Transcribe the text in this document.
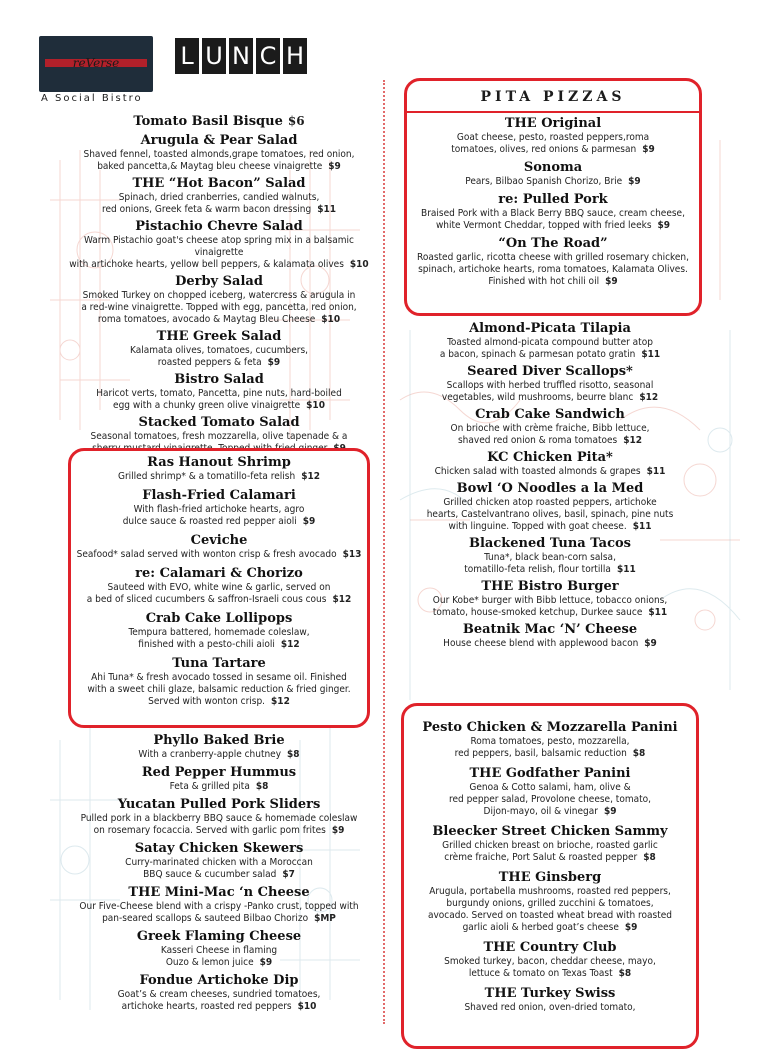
reVerse
A Social Bistro
L U N C H
Tomato Basil Bisque $6
Arugula & Pear Salad
Shaved fennel, toasted almonds,grape tomatoes, red onion,
baked pancetta,& Maytag bleu cheese vinaigrette $9
THE “Hot Bacon” Salad
Spinach, dried cranberries, candied walnuts,
red onions, Greek feta & warm bacon dressing $11
Pistachio Chevre Salad
Warm Pistachio goat's cheese atop spring mix in a balsamic vinaigrette
with artichoke hearts, yellow bell peppers, & kalamata olives $10
Derby Salad
Smoked Turkey on chopped iceberg, watercress & arugula in
a red-wine vinaigrette. Topped with egg, pancetta, red onion,
roma tomatoes, avocado & Maytag Bleu Cheese $10
THE Greek Salad
Kalamata olives, tomatoes, cucumbers,
roasted peppers & feta $9
Bistro Salad
Haricot verts, tomato, Pancetta, pine nuts, hard-boiled
egg with a chunky green olive vinaigrette $10
Stacked Tomato Salad
Seasonal tomatoes, fresh mozzarella, olive tapenade & a
Ras Hanout Shrimp
Grilled shrimp* & a tomatillo-feta relish $12
Flash-Fried Calamari
With flash-fried artichoke hearts, agro
dulce sauce & roasted red pepper aioli $9
Ceviche
Seafood* salad served with wonton crisp & fresh avocado $13
re: Calamari & Chorizo
Sauteed with EVO, white wine & garlic, served on
a bed of sliced cucumbers & saffron-Israeli cous cous $12
Crab Cake Lollipops
Tempura battered, homemade coleslaw,
finished with a pesto-chili aioli $12
Tuna Tartare
Ahi Tuna* & fresh avocado tossed in sesame oil. Finished
with a sweet chili glaze, balsamic reduction & fried ginger.
Served with wonton crisp. $12
Phyllo Baked Brie
With a cranberry-apple chutney $8
Red Pepper Hummus
Feta & grilled pita $8
Yucatan Pulled Pork Sliders
Pulled pork in a blackberry BBQ sauce & homemade coleslaw
on rosemary focaccia. Served with garlic pom frites $9
Satay Chicken Skewers
Curry-marinated chicken with a Moroccan
BBQ sauce & cucumber salad $7
THE Mini-Mac ‘n Cheese
Our Five-Cheese blend with a crispy -Panko crust, topped with
pan-seared scallops & sauteed Bilbao Chorizo $MP
Greek Flaming Cheese
Kasseri Cheese in flaming
Ouzo & lemon juice $9
Fondue Artichoke Dip
Goat’s & cream cheeses, sundried tomatoes,
artichoke hearts, roasted red peppers $10
PITA PIZZAS
THE Original
Goat cheese, pesto, roasted peppers,roma
tomatoes, olives, red onions & parmesan $9
Sonoma
Pears, Bilbao Spanish Chorizo, Brie $9
re: Pulled Pork
Braised Pork with a Black Berry BBQ sauce, cream cheese,
white Vermont Cheddar, topped with fried leeks $9
“On The Road”
Roasted garlic, ricotta cheese with grilled rosemary chicken,
spinach, artichoke hearts, roma tomatoes, Kalamata Olives.
Finished with hot chili oil $9
Almond-Picata Tilapia
Toasted almond-picata compound butter atop
a bacon, spinach & parmesan potato gratin $11
Seared Diver Scallops*
Scallops with herbed truffled risotto, seasonal
vegetables, wild mushrooms, beurre blanc $12
Crab Cake Sandwich
On brioche with crème fraiche, Bibb lettuce,
shaved red onion & roma tomatoes $12
KC Chicken Pita*
Chicken salad with toasted almonds & grapes $11
Bowl ‘O Noodles a la Med
Grilled chicken atop roasted peppers, artichoke
hearts, Castelvantrano olives, basil, spinach, pine nuts
with linguine. Topped with goat cheese. $11
Blackened Tuna Tacos
Tuna*, black bean-corn salsa,
tomatillo-feta relish, flour tortilla $11
THE Bistro Burger
Our Kobe* burger with Bibb lettuce, tobacco onions,
tomato, house-smoked ketchup, Durkee sauce $11
Beatnik Mac ‘N’ Cheese
House cheese blend with applewood bacon $9
Pesto Chicken & Mozzarella Panini
Roma tomatoes, pesto, mozzarella,
red peppers, basil, balsamic reduction $8
THE Godfather Panini
Genoa & Cotto salami, ham, olive &
red pepper salad, Provolone cheese, tomato,
Dijon-mayo, oil & vinegar $9
Bleecker Street Chicken Sammy
Grilled chicken breast on brioche, roasted garlic
crème fraiche, Port Salut & roasted pepper $8
THE Ginsberg
Arugula, portabella mushrooms, roasted red peppers,
burgundy onions, grilled zucchini & tomatoes,
avocado. Served on toasted wheat bread with roasted
garlic aioli & herbed goat’s cheese $9
THE Country Club
Smoked turkey, bacon, cheddar cheese, mayo,
lettuce & tomato on Texas Toast $8
THE Turkey Swiss
Shaved red onion, oven-dried tomato,
